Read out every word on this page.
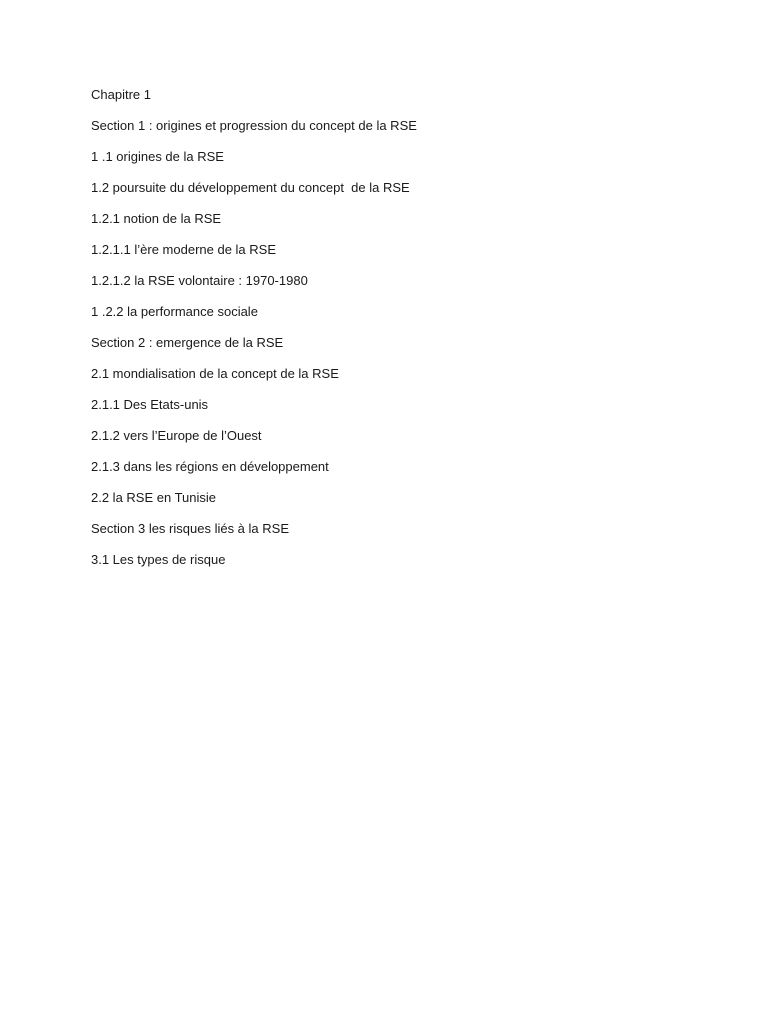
Chapitre 1
Section 1 : origines et progression du concept de la RSE
1 .1 origines de la RSE
1.2 poursuite du développement du concept  de la RSE
1.2.1 notion de la RSE
1.2.1.1 l’ère moderne de la RSE
1.2.1.2 la RSE volontaire : 1970-1980
1 .2.2 la performance sociale
Section 2 : emergence de la RSE
2.1 mondialisation de la concept de la RSE
2.1.1 Des Etats-unis
2.1.2 vers l’Europe de l’Ouest
2.1.3 dans les régions en développement
2.2 la RSE en Tunisie
Section 3 les risques liés à la RSE
3.1 Les types de risque
